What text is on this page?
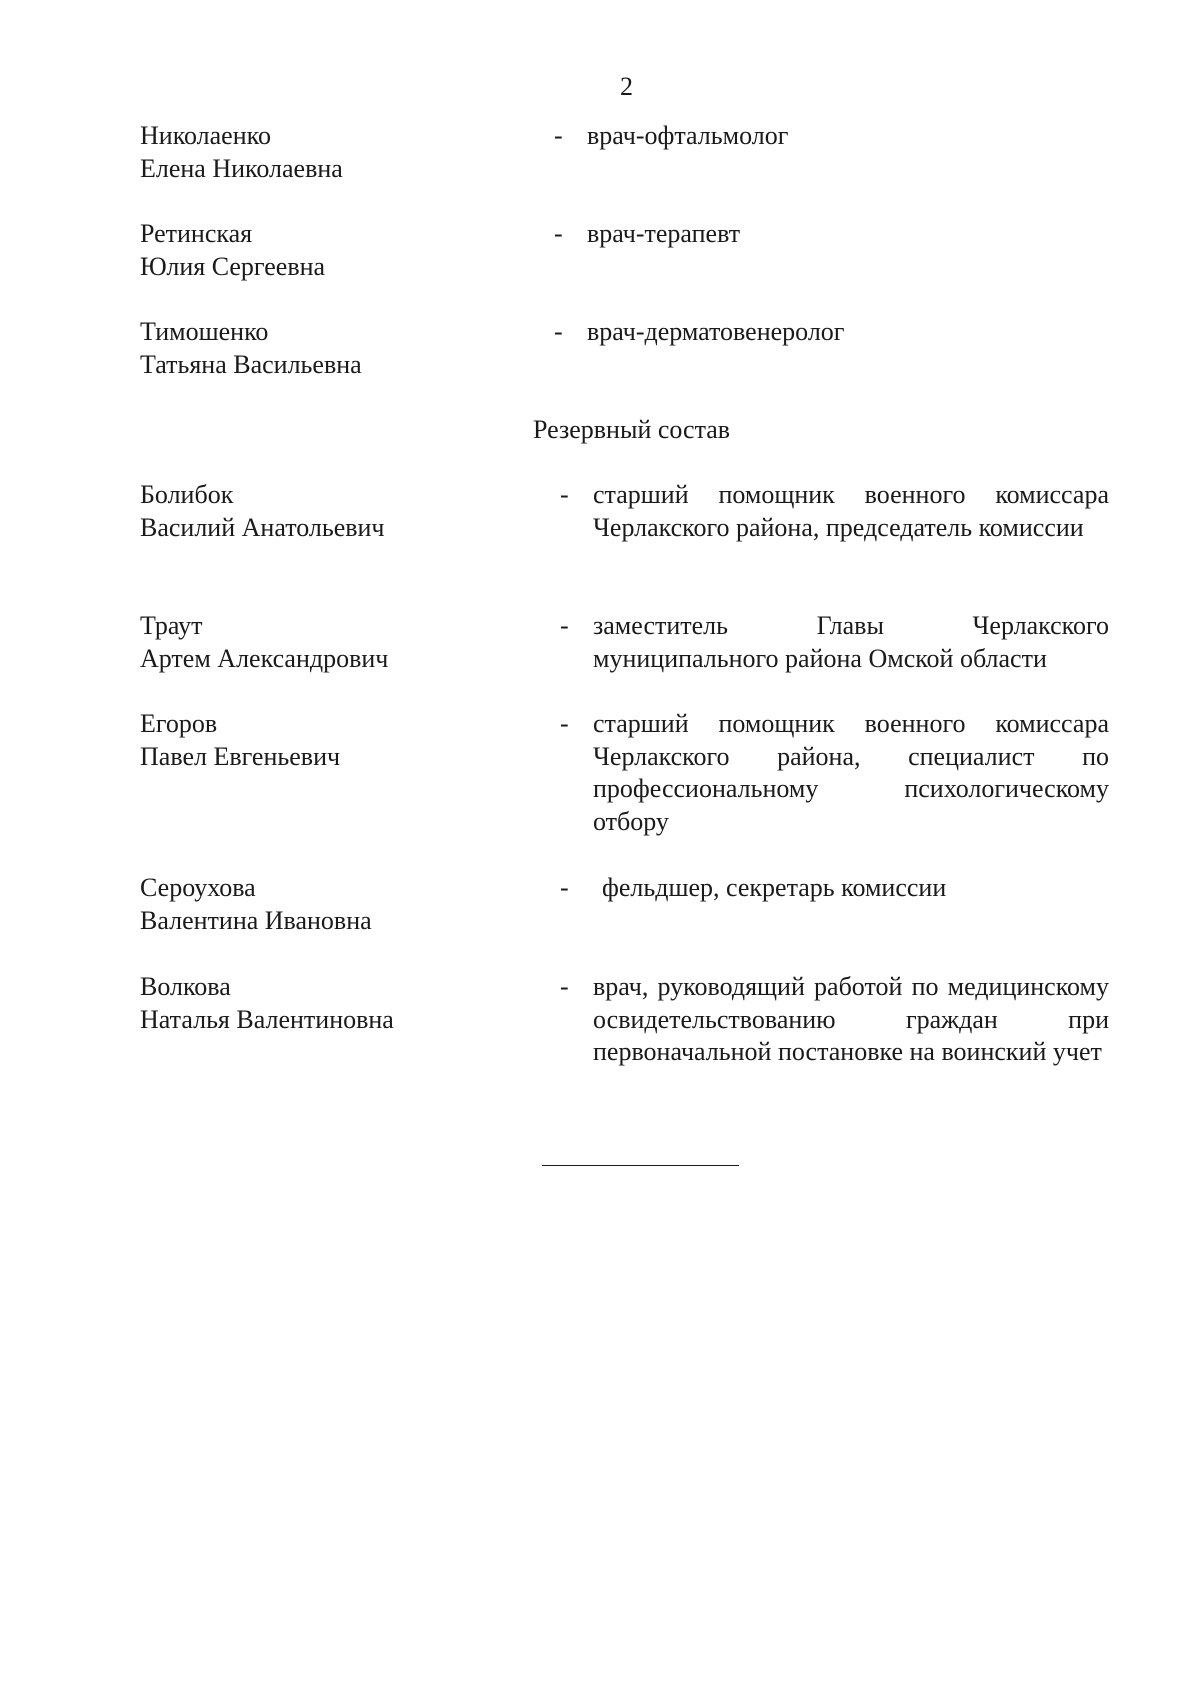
2
Николаенко
Елена Николаевна
- врач-офтальмолог
Ретинская
Юлия Сергеевна
- врач-терапевт
Тимошенко
Татьяна Васильевна
- врач-дерматовенеролог
Резервный состав
Болибок
Василий Анатольевич
- старший помощник военного комиссара Черлакского района, председатель комиссии
Траут
Артем Александрович
- заместитель Главы Черлакского муниципального района Омской области
Егоров
Павел Евгеньевич
- старший помощник военного комиссара Черлакского района, специалист по профессиональному психологическому отбору
Сероухова
Валентина Ивановна
- фельдшер, секретарь комиссии
Волкова
Наталья Валентиновна
- врач, руководящий работой по медицинскому освидетельствованию граждан при первоначальной постановке на воинский учет
